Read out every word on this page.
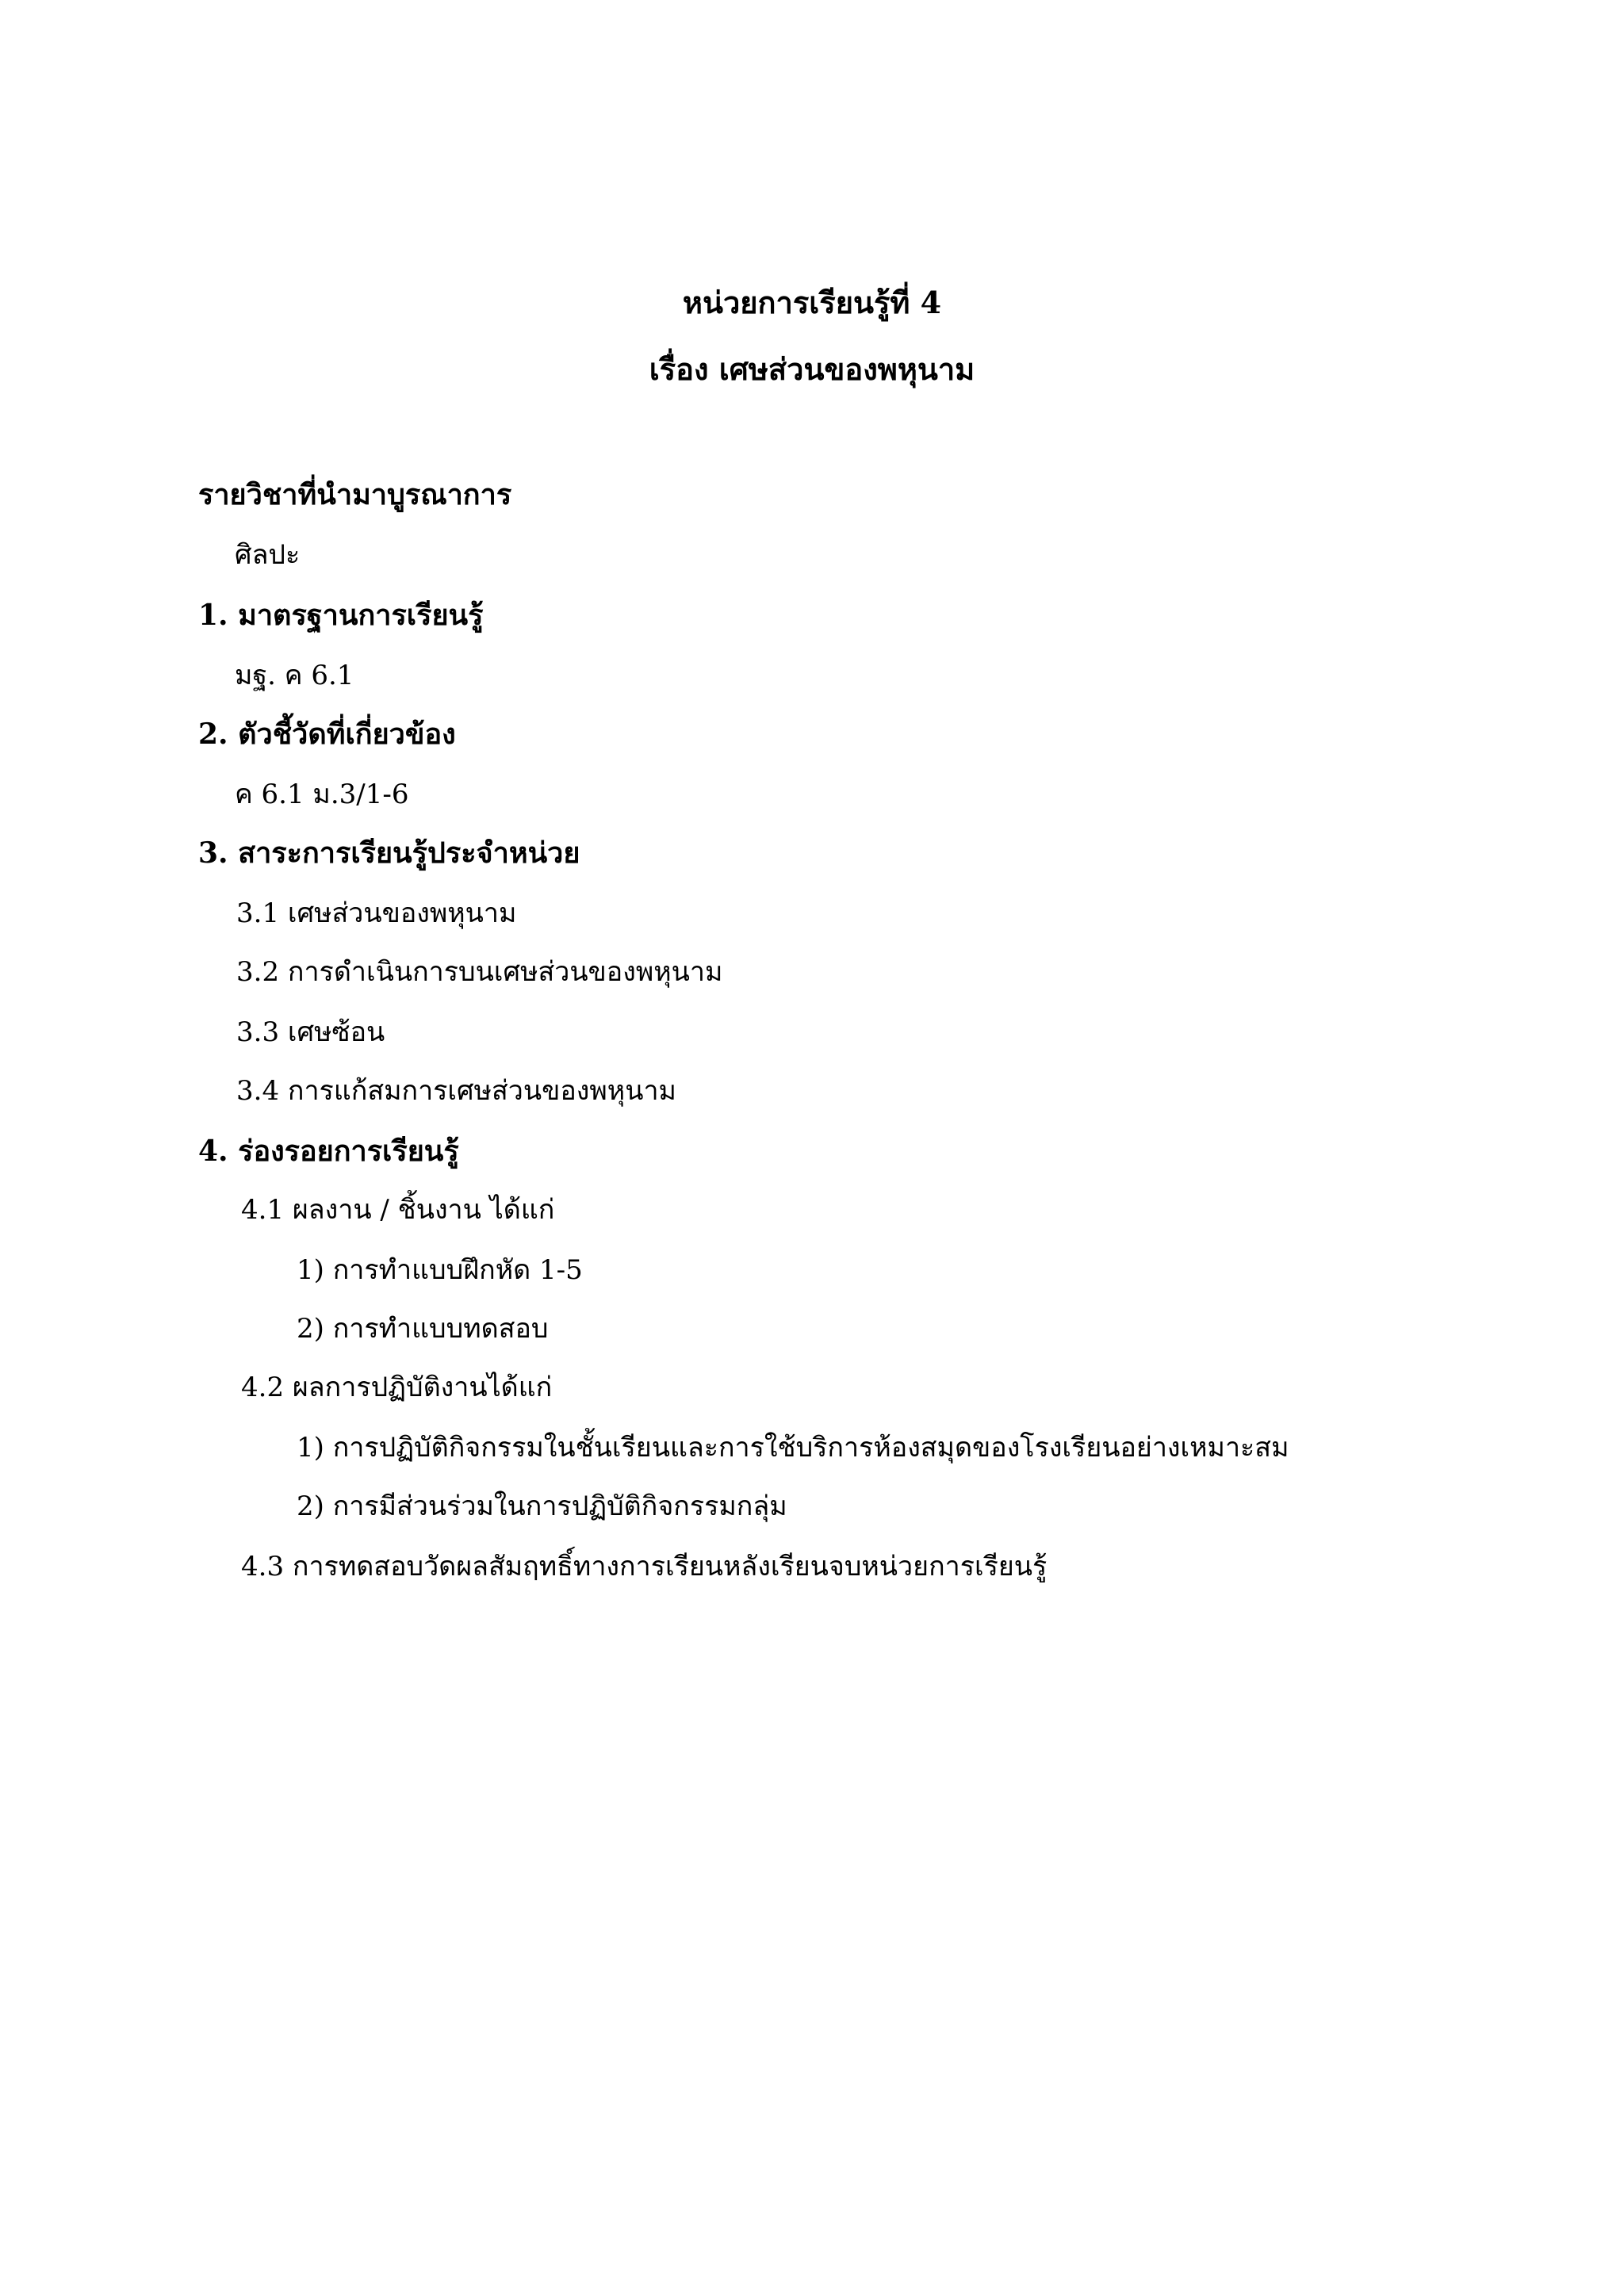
หน่วยการเรียนรู้ที่ 4
เรื่อง เศษส่วนของพหุนาม
รายวิชาที่นำมาบูรณาการ
ศิลปะ
1. มาตรฐานการเรียนรู้
มฐ. ค 6.1
2. ตัวชี้วัดที่เกี่ยวข้อง
ค 6.1 ม.3/1-6
3. สาระการเรียนรู้ประจำหน่วย
3.1 เศษส่วนของพหุนาม
3.2 การดำเนินการบนเศษส่วนของพหุนาม
3.3 เศษซ้อน
3.4 การแก้สมการเศษส่วนของพหุนาม
4. ร่องรอยการเรียนรู้
4.1 ผลงาน / ชิ้นงาน ได้แก่
1) การทำแบบฝึกหัด 1-5
2) การทำแบบทดสอบ
4.2 ผลการปฏิบัติงานได้แก่
1) การปฏิบัติกิจกรรมในชั้นเรียนและการใช้บริการห้องสมุดของโรงเรียนอย่างเหมาะสม
2) การมีส่วนร่วมในการปฏิบัติกิจกรรมกลุ่ม
4.3 การทดสอบวัดผลสัมฤทธิ์ทางการเรียนหลังเรียนจบหน่วยการเรียนรู้
